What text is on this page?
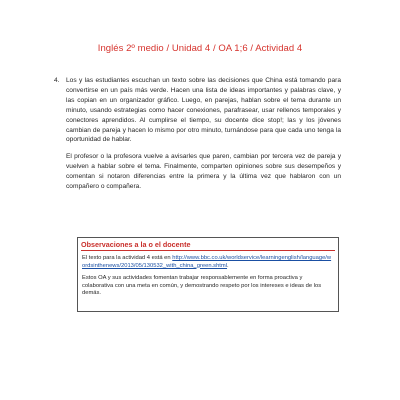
Inglés 2º medio / Unidad 4 / OA 1;6 / Actividad 4
4. Los y las estudiantes escuchan un texto sobre las decisiones que China está tomando para convertirse en un país más verde. Hacen una lista de ideas importantes y palabras clave, y las copian en un organizador gráfico. Luego, en parejas, hablan sobre el tema durante un minuto, usando estrategias como hacer conexiones, parafrasear, usar rellenos temporales y conectores aprendidos. Al cumplirse el tiempo, su docente dice stop!; las y los jóvenes cambian de pareja y hacen lo mismo por otro minuto, turnándose para que cada uno tenga la oportunidad de hablar.

El profesor o la profesora vuelve a avisarles que paren, cambian por tercera vez de pareja y vuelven a hablar sobre el tema. Finalmente, comparten opiniones sobre sus desempeños y comentan si notaron diferencias entre la primera y la última vez que hablaron con un compañero o compañera.

Observaciones a la o el docente

El texto para la actividad 4 está en http://www.bbc.co.uk/worldservice/learningenglish/language/wordsinthenews/2013/05/130532_with_china_green.shtml.

Estos OA y sus actividades fomentan trabajar responsablemente en forma proactiva y colaborativa con una meta en común, y demostrando respeto por los intereses e ideas de los demás.
